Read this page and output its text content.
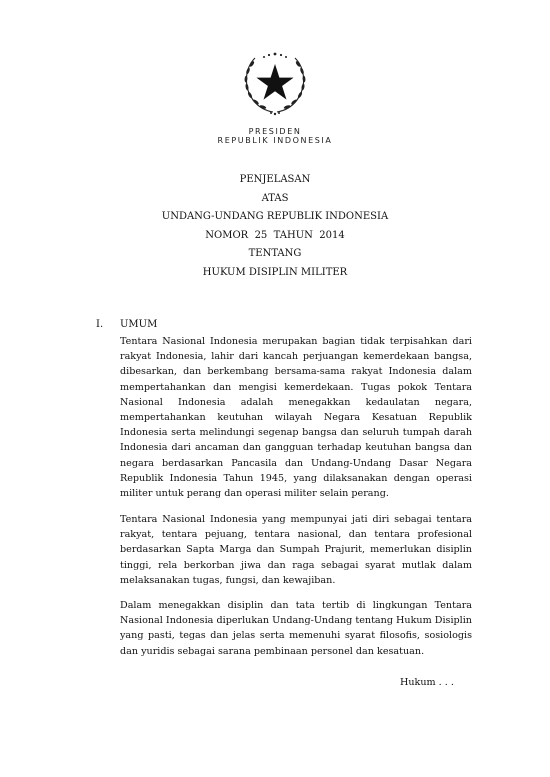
PRESIDEN
REPUBLIK INDONESIA
PENJELASAN
ATAS
UNDANG-UNDANG REPUBLIK INDONESIA
NOMOR  25  TAHUN  2014
TENTANG
HUKUM DISIPLIN MILITER
I. UMUM

Tentara Nasional Indonesia merupakan bagian tidak terpisahkan dari rakyat Indonesia, lahir dari kancah perjuangan kemerdekaan bangsa, dibesarkan, dan berkembang bersama-sama rakyat Indonesia dalam mempertahankan dan mengisi kemerdekaan. Tugas pokok Tentara Nasional Indonesia adalah menegakkan kedaulatan negara, mempertahankan keutuhan wilayah Negara Kesatuan Republik Indonesia serta melindungi segenap bangsa dan seluruh tumpah darah Indonesia dari ancaman dan gangguan terhadap keutuhan bangsa dan negara berdasarkan Pancasila dan Undang-Undang Dasar Negara Republik Indonesia Tahun 1945, yang dilaksanakan dengan operasi militer untuk perang dan operasi militer selain perang.

Tentara Nasional Indonesia yang mempunyai jati diri sebagai tentara rakyat, tentara pejuang, tentara nasional, dan tentara profesional berdasarkan Sapta Marga dan Sumpah Prajurit, memerlukan disiplin tinggi, rela berkorban jiwa dan raga sebagai syarat mutlak dalam melaksanakan tugas, fungsi, dan kewajiban.

Dalam menegakkan disiplin dan tata tertib di lingkungan Tentara Nasional Indonesia diperlukan Undang-Undang tentang Hukum Disiplin yang pasti, tegas dan jelas serta memenuhi syarat filosofis, sosiologis dan yuridis sebagai sarana pembinaan personel dan kesatuan.

Hukum . . .
